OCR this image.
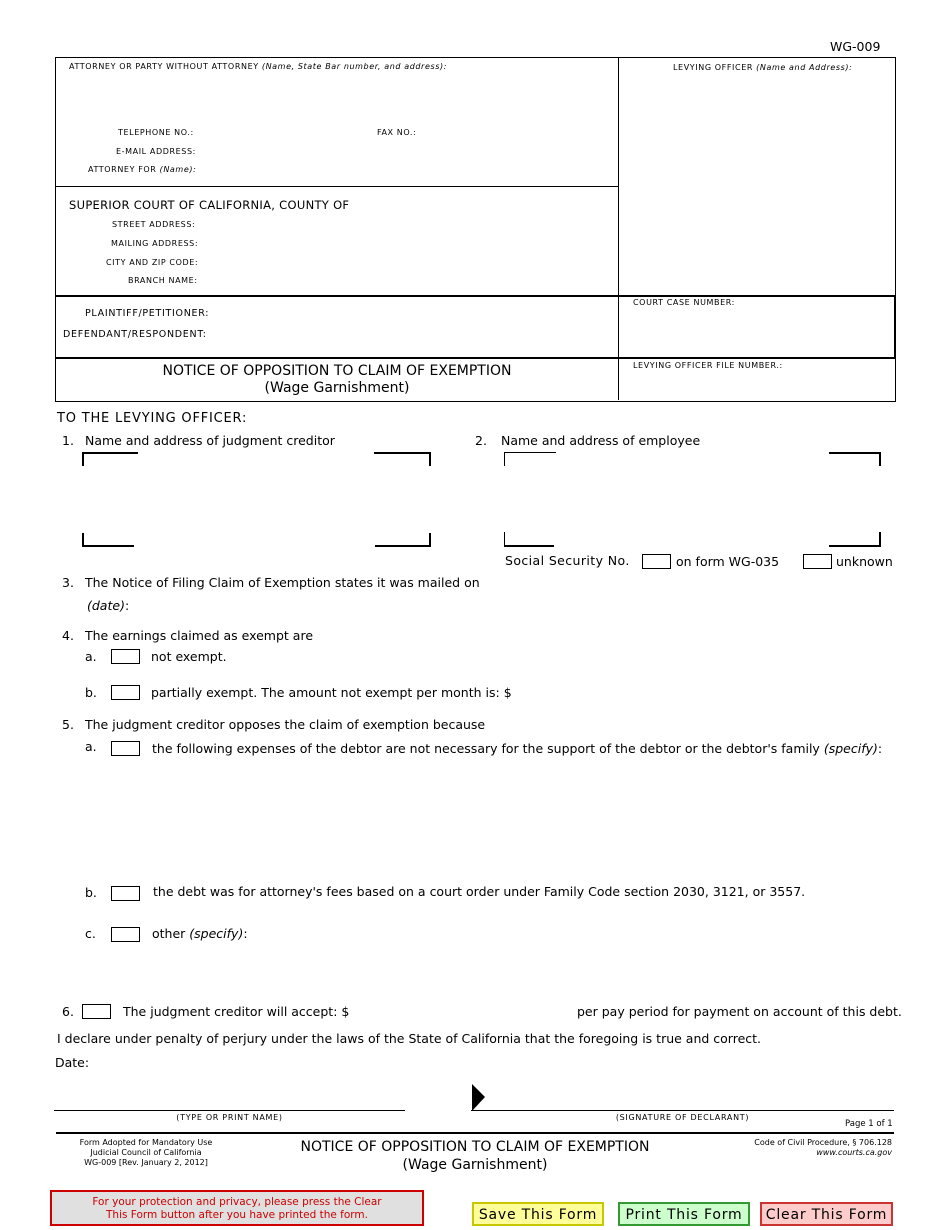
WG-009
ATTORNEY OR PARTY WITHOUT ATTORNEY (Name, State Bar number, and address):
TELEPHONE NO.:	FAX NO.:
E-MAIL ADDRESS:
ATTORNEY FOR (Name):
LEVYING OFFICER (Name and Address):
SUPERIOR COURT OF CALIFORNIA, COUNTY OF
STREET ADDRESS:
MAILING ADDRESS:
CITY AND ZIP CODE:
BRANCH NAME:
PLAINTIFF/PETITIONER:
DEFENDANT/RESPONDENT:
COURT CASE NUMBER:
LEVYING OFFICER FILE NUMBER.:
NOTICE OF OPPOSITION TO CLAIM OF EXEMPTION
(Wage Garnishment)
TO THE LEVYING OFFICER:
1. Name and address of judgment creditor	2. Name and address of employee
Social Security No.	on form WG-035	unknown
3. The Notice of Filing Claim of Exemption states it was mailed on
(date):
4. The earnings claimed as exempt are
a.	not exempt.
b.	partially exempt. The amount not exempt per month is: $
5. The judgment creditor opposes the claim of exemption because
a.	the following expenses of the debtor are not necessary for the support of the debtor or the debtor's family (specify):
b.	the debt was for attorney's fees based on a court order under Family Code section 2030, 3121, or 3557.
c.	other (specify):
6.	The judgment creditor will accept: $	per pay period for payment on account of this debt.
I declare under penalty of perjury under the laws of the State of California that the foregoing is true and correct.
Date:
(TYPE OR PRINT NAME)	(SIGNATURE OF DECLARANT)
Page 1 of 1
Form Adopted for Mandatory Use
Judicial Council of California
WG-009 [Rev. January 2, 2012]
NOTICE OF OPPOSITION TO CLAIM OF EXEMPTION
(Wage Garnishment)
Code of Civil Procedure, § 706.128
www.courts.ca.gov
For your protection and privacy, please press the Clear This Form button after you have printed the form.	Save This Form	Print This Form	Clear This Form
